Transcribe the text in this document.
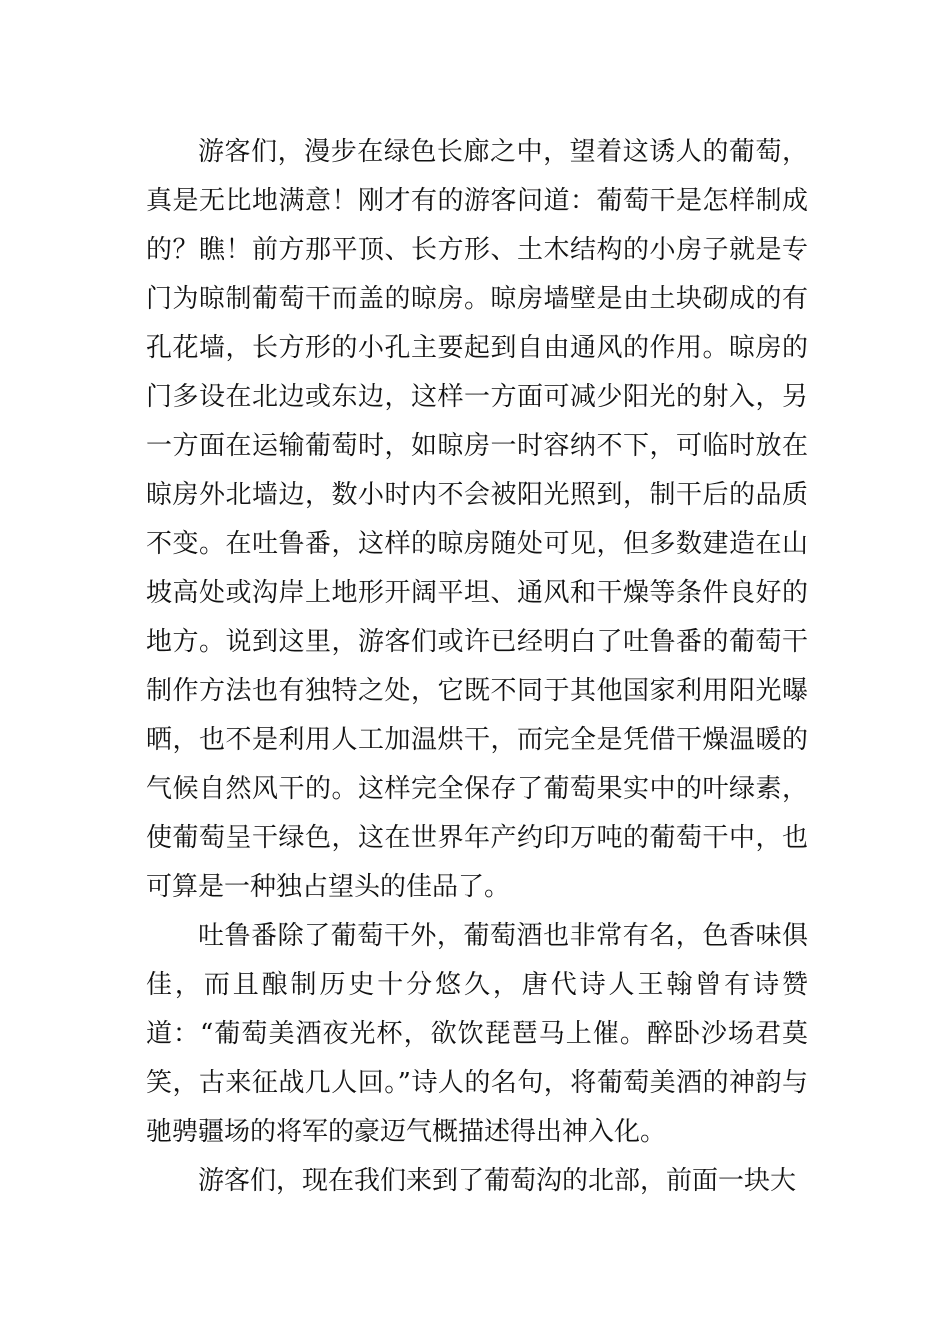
游客们，漫步在绿色长廊之中，望着这诱人的葡萄，真是无比地满意！刚才有的游客问道：葡萄干是怎样制成的？瞧！前方那平顶、长方形、土木结构的小房子就是专门为晾制葡萄干而盖的晾房。晾房墙壁是由土块砌成的有孔花墙，长方形的小孔主要起到自由通风的作用。晾房的门多设在北边或东边，这样一方面可减少阳光的射入，另一方面在运输葡萄时，如晾房一时容纳不下，可临时放在晾房外北墙边，数小时内不会被阳光照到，制干后的品质不变。在吐鲁番，这样的晾房随处可见，但多数建造在山坡高处或沟岸上地形开阔平坦、通风和干燥等条件良好的地方。说到这里，游客们或许已经明白了吐鲁番的葡萄干制作方法也有独特之处，它既不同于其他国家利用阳光曝晒，也不是利用人工加温烘干，而完全是凭借干燥温暖的气候自然风干的。这样完全保存了葡萄果实中的叶绿素，使葡萄呈干绿色，这在世界年产约印万吨的葡萄干中，也可算是一种独占望头的佳品了。

吐鲁番除了葡萄干外，葡萄酒也非常有名，色香味俱佳，而且酿制历史十分悠久，唐代诗人王翰曾有诗赞道：“葡萄美酒夜光杯，欲饮琵琶马上催。醉卧沙场君莫笑，古来征战几人回。”诗人的名句，将葡萄美酒的神韵与驰骋疆场的将军的豪迈气概描述得出神入化。

游客们，现在我们来到了葡萄沟的北部，前面一块大
